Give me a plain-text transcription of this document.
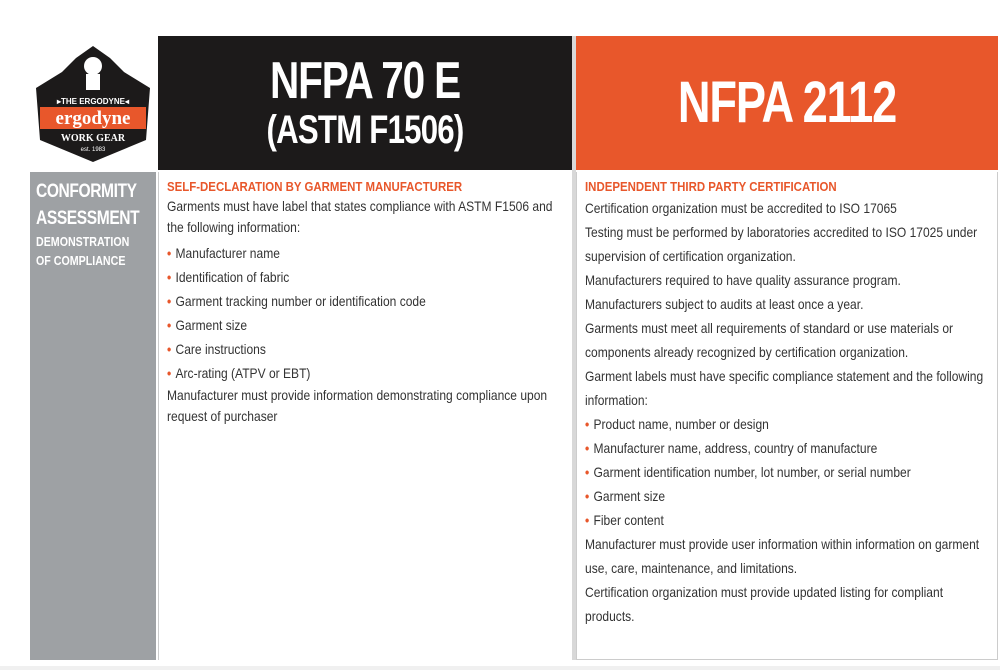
▸THE ERGODYNE◂
ergodyne
WORK GEAR
est. 1983
NFPA 70 E
(ASTM F1506)	NFPA 2112
CONFORMITY
ASSESSMENT
DEMONSTRATION
OF COMPLIANCE
SELF-DECLARATION BY GARMENT MANUFACTURER
Garments must have label that states compliance with ASTM F1506 and the following information:
• Manufacturer name
• Identification of fabric
• Garment tracking number or identification code
• Garment size
• Care instructions
• Arc-rating (ATPV or EBT)
Manufacturer must provide information demonstrating compliance upon request of purchaser
INDEPENDENT THIRD PARTY CERTIFICATION
Certification organization must be accredited to ISO 17065
Testing must be performed by laboratories accredited to ISO 17025 under supervision of certification organization.
Manufacturers required to have quality assurance program.
Manufacturers subject to audits at least once a year.
Garments must meet all requirements of standard or use materials or components already recognized by certification organization.
Garment labels must have specific compliance statement and the following information:
• Product name, number or design
• Manufacturer name, address, country of manufacture
• Garment identification number, lot number, or serial number
• Garment size
• Fiber content
Manufacturer must provide user information within information on garment use, care, maintenance, and limitations.
Certification organization must provide updated listing for compliant products.
